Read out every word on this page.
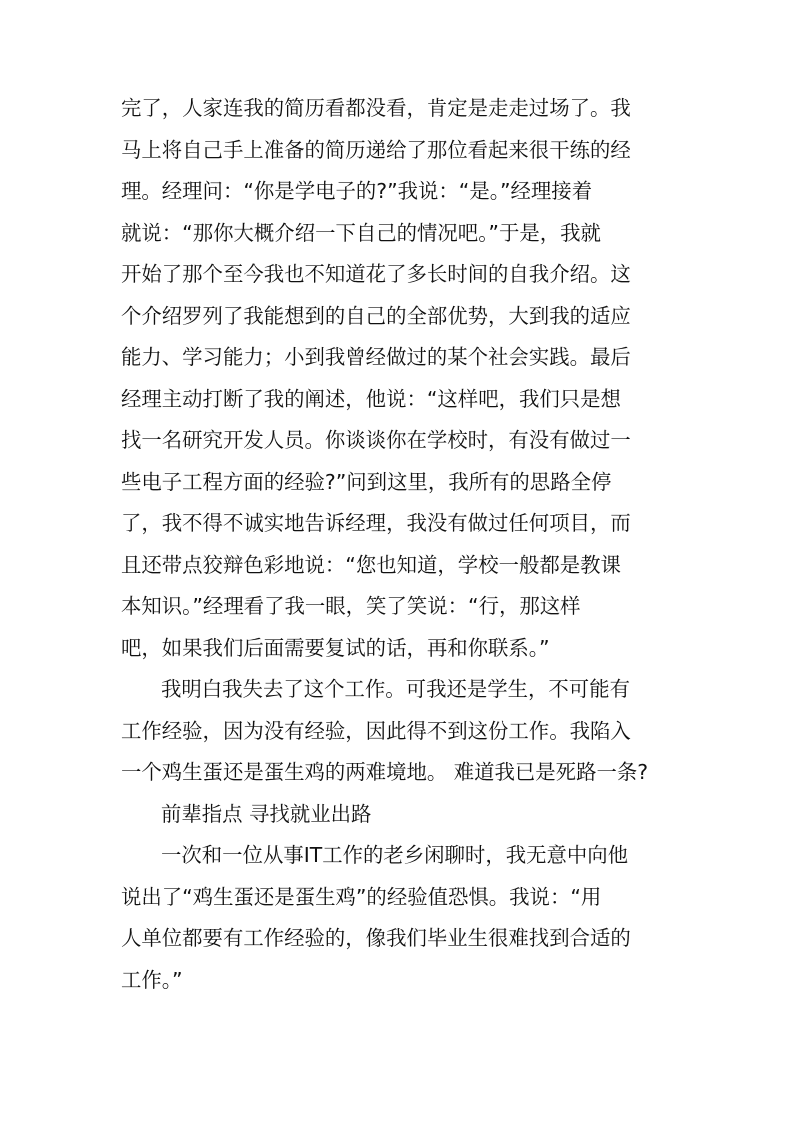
完了，人家连我的简历看都没看，肯定是走走过场了。我
马上将自己手上准备的简历递给了那位看起来很干练的经
理。经理问：“你是学电子的?”我说：“是。”经理接着
就说：“那你大概介绍一下自己的情况吧。”于是，我就
开始了那个至今我也不知道花了多长时间的自我介绍。这
个介绍罗列了我能想到的自己的全部优势，大到我的适应
能力、学习能力；小到我曾经做过的某个社会实践。最后
经理主动打断了我的阐述，他说：“这样吧，我们只是想
找一名研究开发人员。你谈谈你在学校时，有没有做过一
些电子工程方面的经验?”问到这里，我所有的思路全停
了，我不得不诚实地告诉经理，我没有做过任何项目，而
且还带点狡辩色彩地说：“您也知道，学校一般都是教课
本知识。”经理看了我一眼，笑了笑说：“行，那这样
吧，如果我们后面需要复试的话，再和你联系。”
我明白我失去了这个工作。可我还是学生，不可能有
工作经验，因为没有经验，因此得不到这份工作。我陷入
一个鸡生蛋还是蛋生鸡的两难境地。 难道我已是死路一条?
前辈指点 寻找就业出路
一次和一位从事IT工作的老乡闲聊时，我无意中向他
说出了“鸡生蛋还是蛋生鸡”的经验值恐惧。我说：“用
人单位都要有工作经验的，像我们毕业生很难找到合适的
工作。”
